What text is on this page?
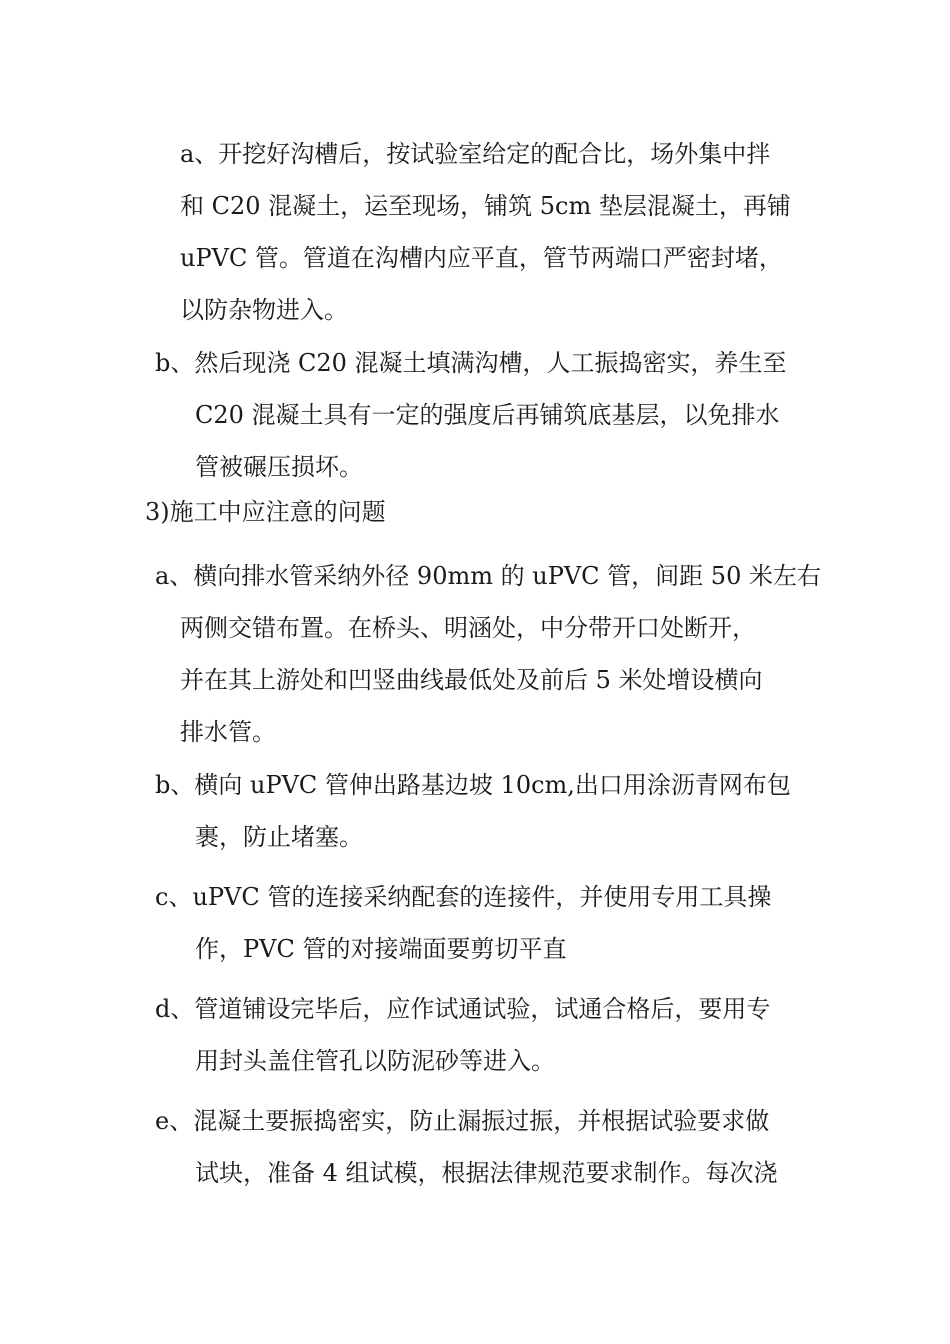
a、开挖好沟槽后，按试验室给定的配合比，场外集中拌
和 C20 混凝土，运至现场，铺筑 5cm 垫层混凝土，再铺
uPVC 管。管道在沟槽内应平直，管节两端口严密封堵，
以防杂物进入。
b、然后现浇 C20 混凝土填满沟槽，人工振捣密实，养生至
C20 混凝土具有一定的强度后再铺筑底基层，以免排水
管被碾压损坏。
3)施工中应注意的问题
a、横向排水管采纳外径 90mm 的 uPVC 管，间距 50 米左右
两侧交错布置。在桥头、明涵处，中分带开口处断开，
并在其上游处和凹竖曲线最低处及前后 5 米处增设横向
排水管。
b、横向 uPVC 管伸出路基边坡 10cm,出口用涂沥青网布包
裹，防止堵塞。
c、uPVC 管的连接采纳配套的连接件，并使用专用工具操
作，PVC 管的对接端面要剪切平直
d、管道铺设完毕后，应作试通试验，试通合格后，要用专
用封头盖住管孔以防泥砂等进入。
e、混凝土要振捣密实，防止漏振过振，并根据试验要求做
试块，准备 4 组试模，根据法律规范要求制作。每次浇
